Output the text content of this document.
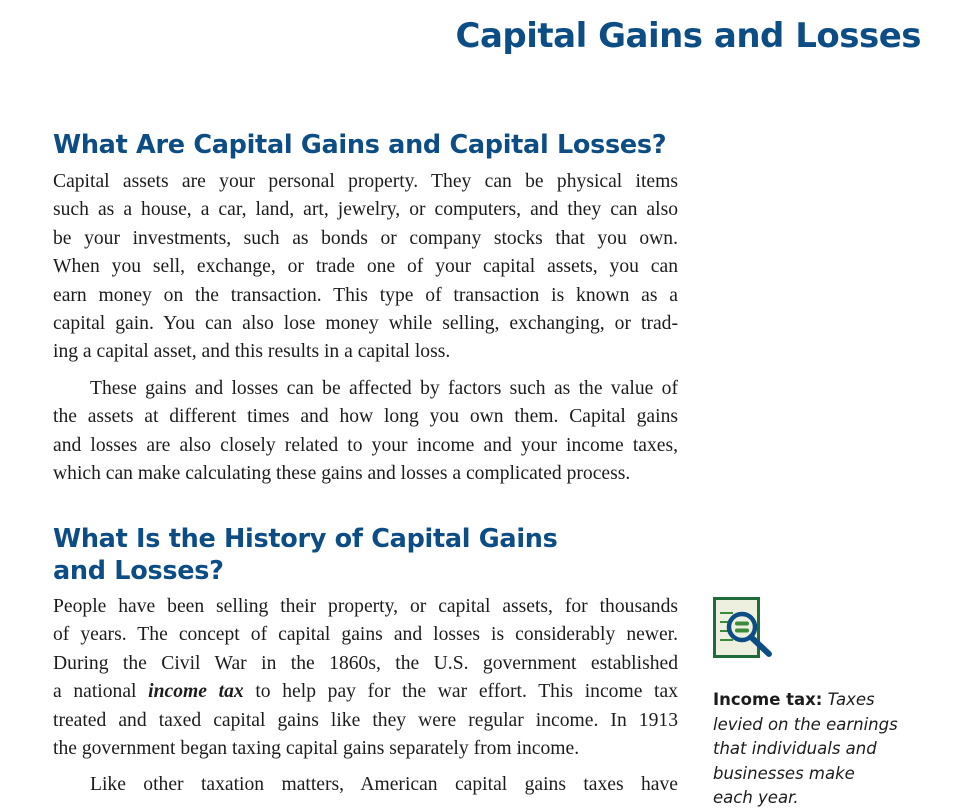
Capital Gains and Losses
What Are Capital Gains and Capital Losses?
Capital assets are your personal property. They can be physical items
such as a house, a car, land, art, jewelry, or computers, and they can also
be your investments, such as bonds or company stocks that you own.
When you sell, exchange, or trade one of your capital assets, you can
earn money on the transaction. This type of transaction is known as a
capital gain. You can also lose money while selling, exchanging, or trad-
ing a capital asset, and this results in a capital loss.
These gains and losses can be affected by factors such as the value of
the assets at different times and how long you own them. Capital gains
and losses are also closely related to your income and your income taxes,
which can make calculating these gains and losses a complicated process.
What Is the History of Capital Gains
and Losses?
People have been selling their property, or capital assets, for thousands
of years. The concept of capital gains and losses is considerably newer.
During the Civil War in the 1860s, the U.S. government established
a national income tax to help pay for the war effort. This income tax
treated and taxed capital gains like they were regular income. In 1913
the government began taxing capital gains separately from income.
Like other taxation matters, American capital gains taxes have
Income tax: Taxes
levied on the earnings
that individuals and
businesses make
each year.
